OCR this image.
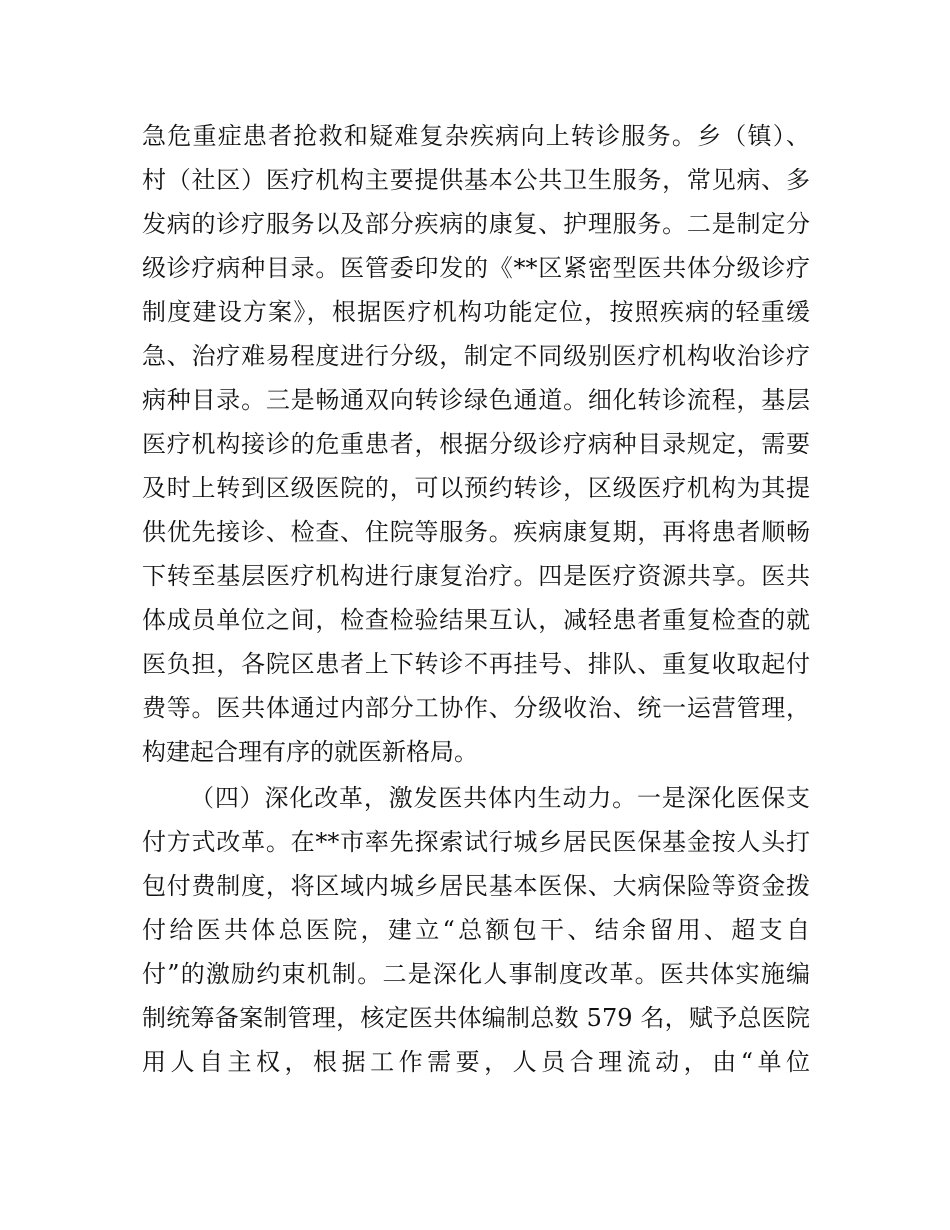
急危重症患者抢救和疑难复杂疾病向上转诊服务。乡（镇）、
村（社区）医疗机构主要提供基本公共卫生服务，常见病、多
发病的诊疗服务以及部分疾病的康复、护理服务。二是制定分
级诊疗病种目录。医管委印发的《**区紧密型医共体分级诊疗
制度建设方案》，根据医疗机构功能定位，按照疾病的轻重缓
急、治疗难易程度进行分级，制定不同级别医疗机构收治诊疗
病种目录。三是畅通双向转诊绿色通道。细化转诊流程，基层
医疗机构接诊的危重患者，根据分级诊疗病种目录规定，需要
及时上转到区级医院的，可以预约转诊，区级医疗机构为其提
供优先接诊、检查、住院等服务。疾病康复期，再将患者顺畅
下转至基层医疗机构进行康复治疗。四是医疗资源共享。医共
体成员单位之间，检查检验结果互认，减轻患者重复检查的就
医负担，各院区患者上下转诊不再挂号、排队、重复收取起付
费等。医共体通过内部分工协作、分级收治、统一运营管理，
构建起合理有序的就医新格局。
（四）深化改革，激发医共体内生动力。一是深化医保支
付方式改革。在**市率先探索试行城乡居民医保基金按人头打
包付费制度，将区域内城乡居民基本医保、大病保险等资金拨
付给医共体总医院，建立“总额包干、结余留用、超支自
付”的激励约束机制。二是深化人事制度改革。医共体实施编
制统筹备案制管理，核定医共体编制总数 579 名，赋予总医院
用人自主权，根据工作需要，人员合理流动，由“单位
